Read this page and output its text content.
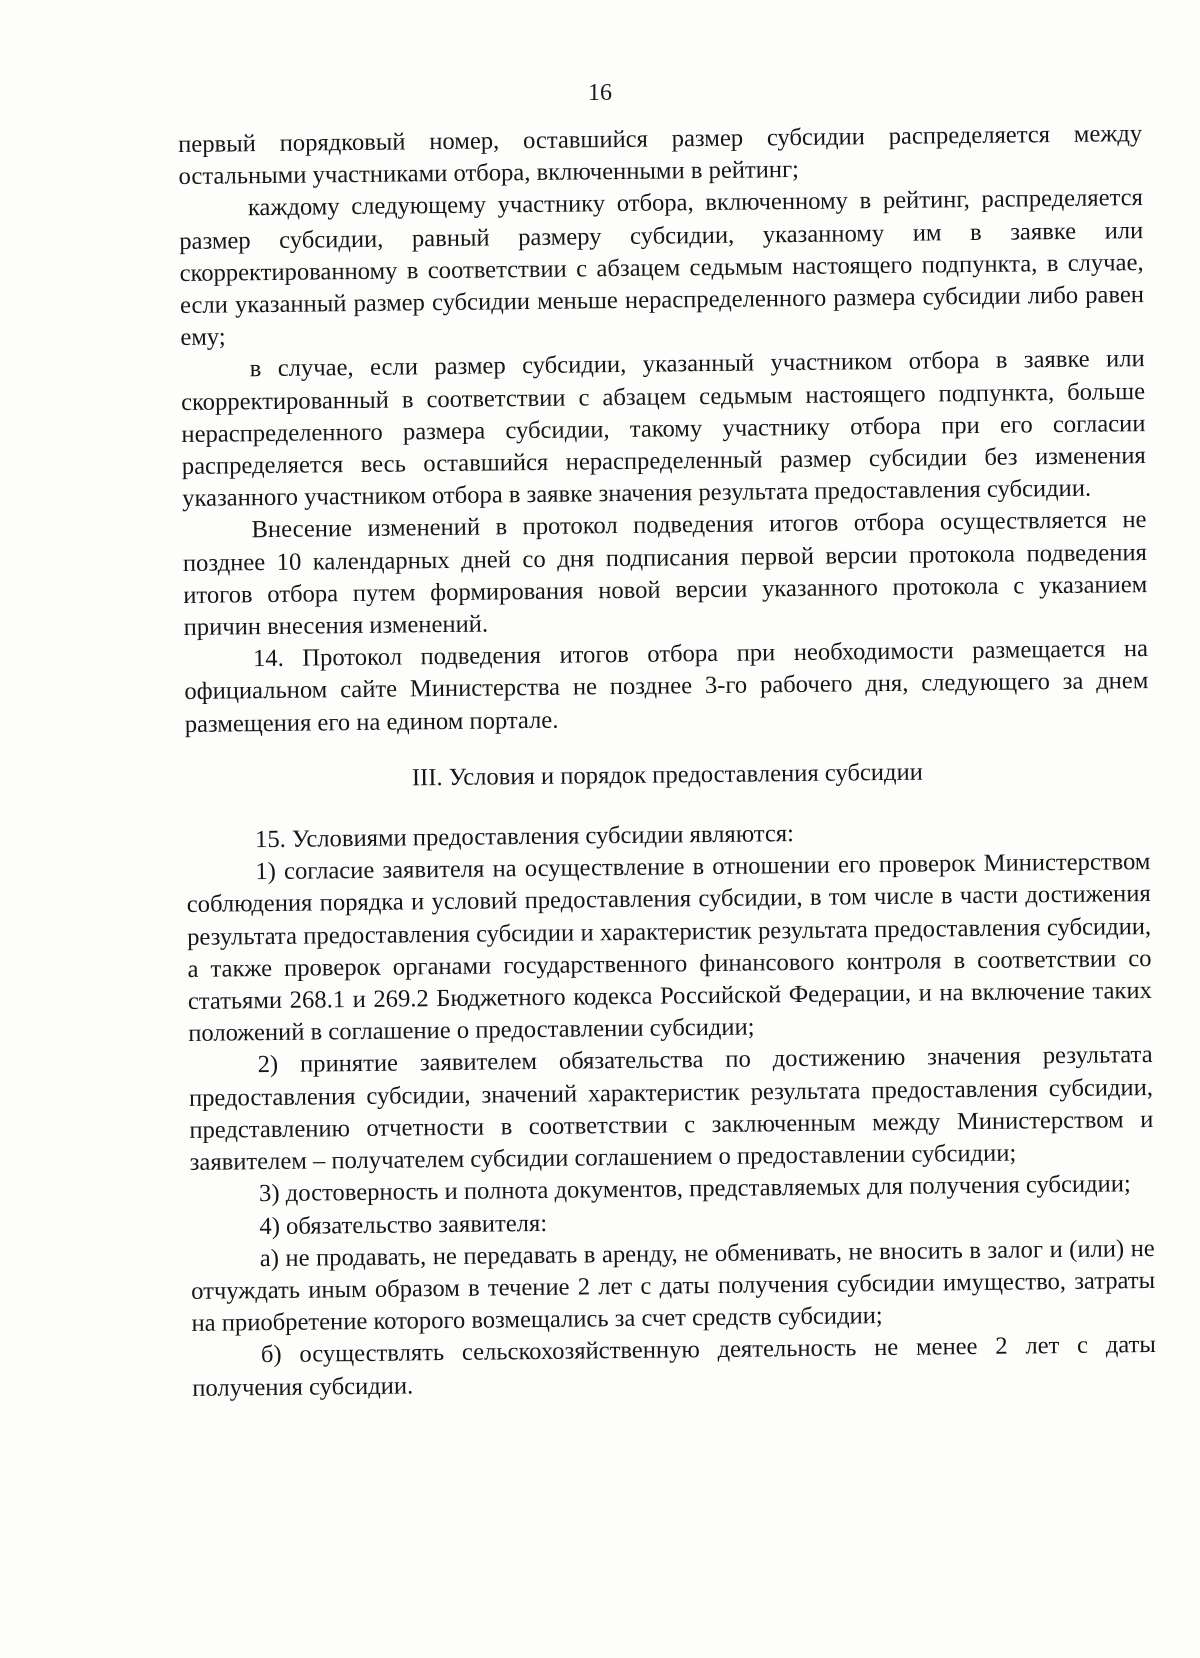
16

первый порядковый номер, оставшийся размер субсидии распределяется между остальными участниками отбора, включенными в рейтинг;

каждому следующему участнику отбора, включенному в рейтинг, распределяется размер субсидии, равный размеру субсидии, указанному им в заявке или скорректированному в соответствии с абзацем седьмым настоящего подпункта, в случае, если указанный размер субсидии меньше нераспределенного размера субсидии либо равен ему;

в случае, если размер субсидии, указанный участником отбора в заявке или скорректированный в соответствии с абзацем седьмым настоящего подпункта, больше нераспределенного размера субсидии, такому участнику отбора при его согласии распределяется весь оставшийся нераспределенный размер субсидии без изменения указанного участником отбора в заявке значения результата предоставления субсидии.

Внесение изменений в протокол подведения итогов отбора осуществляется не позднее 10 календарных дней со дня подписания первой версии протокола подведения итогов отбора путем формирования новой версии указанного протокола с указанием причин внесения изменений.

14. Протокол подведения итогов отбора при необходимости размещается на официальном сайте Министерства не позднее 3-го рабочего дня, следующего за днем размещения его на едином портале.

III. Условия и порядок предоставления субсидии

15. Условиями предоставления субсидии являются:

1) согласие заявителя на осуществление в отношении его проверок Министерством соблюдения порядка и условий предоставления субсидии, в том числе в части достижения результата предоставления субсидии и характеристик результата предоставления субсидии, а также проверок органами государственного финансового контроля в соответствии со статьями 268.1 и 269.2 Бюджетного кодекса Российской Федерации, и на включение таких положений в соглашение о предоставлении субсидии;

2) принятие заявителем обязательства по достижению значения результата предоставления субсидии, значений характеристик результата предоставления субсидии, представлению отчетности в соответствии с заключенным между Министерством и заявителем – получателем субсидии соглашением о предоставлении субсидии;

3) достоверность и полнота документов, представляемых для получения субсидии;

4) обязательство заявителя:

а) не продавать, не передавать в аренду, не обменивать, не вносить в залог и (или) не отчуждать иным образом в течение 2 лет с даты получения субсидии имущество, затраты на приобретение которого возмещались за счет средств субсидии;

б) осуществлять сельскохозяйственную деятельность не менее 2 лет с даты получения субсидии.
